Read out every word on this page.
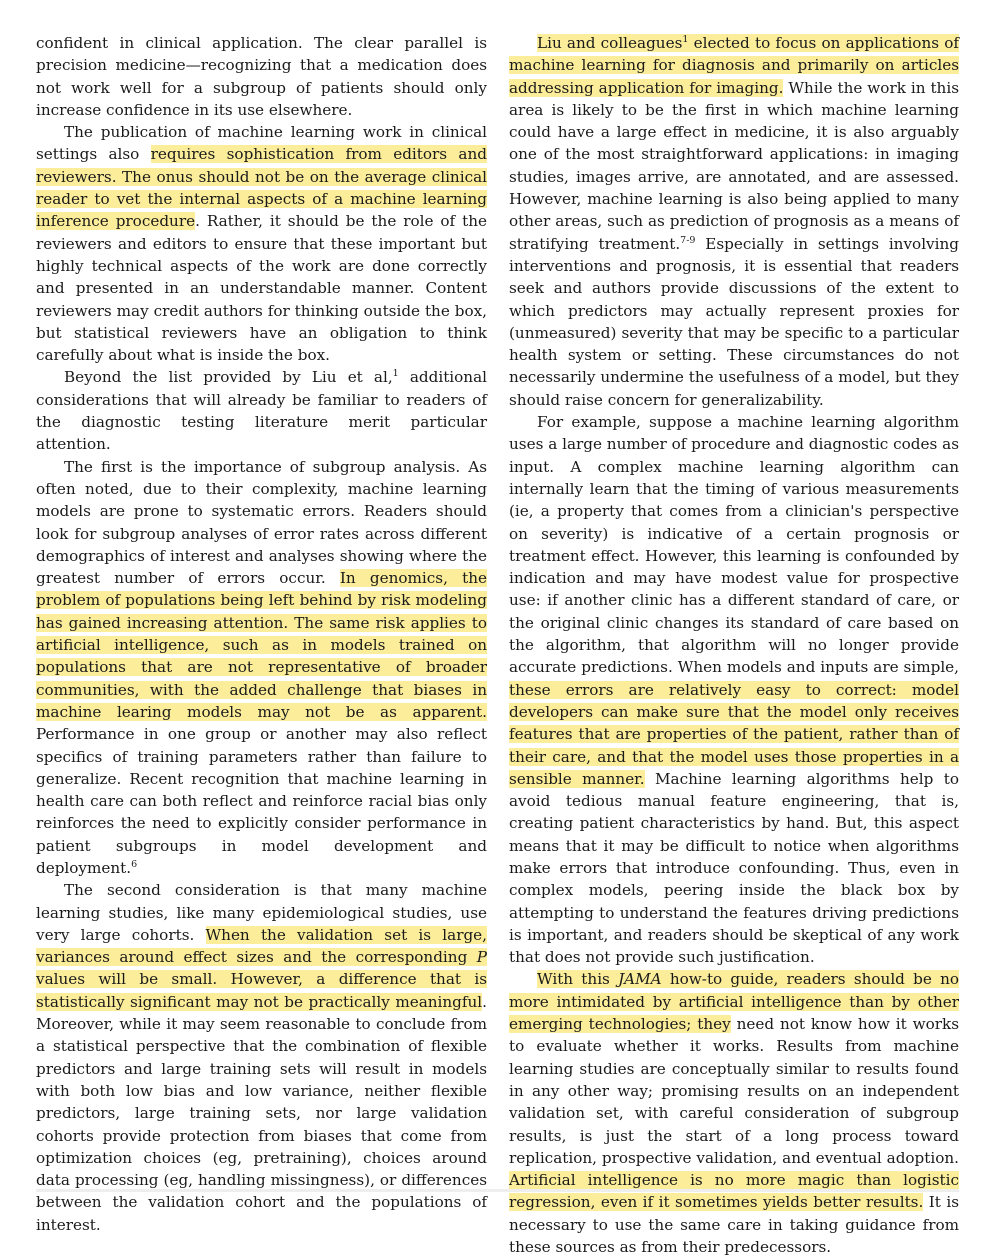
confident in clinical application. The clear parallel is precision medicine—recognizing that a medication does not work well for a subgroup of patients should only increase confidence in its use elsewhere.

The publication of machine learning work in clinical settings also requires sophistication from editors and reviewers. The onus should not be on the average clinical reader to vet the internal aspects of a machine learning inference procedure. Rather, it should be the role of the reviewers and editors to ensure that these important but highly technical aspects of the work are done correctly and presented in an understandable manner. Content reviewers may credit authors for thinking outside the box, but statistical reviewers have an obligation to think carefully about what is inside the box.

Beyond the list provided by Liu et al,$^1$ additional considerations that will already be familiar to readers of the diagnostic testing literature merit particular attention.

The first is the importance of subgroup analysis. As often noted, due to their complexity, machine learning models are prone to systematic errors. Readers should look for subgroup analyses of error rates across different demographics of interest and analyses showing where the greatest number of errors occur. In genomics, the problem of populations being left behind by risk modeling has gained increasing attention. The same risk applies to artificial intelligence, such as in models trained on populations that are not representative of broader communities, with the added challenge that biases in machine learing models may not be as apparent. Performance in one group or another may also reflect specifics of training parameters rather than failure to generalize. Recent recognition that machine learning in health care can both reflect and reinforce racial bias only reinforces the need to explicitly consider performance in patient subgroups in model development and deployment.$^6$

The second consideration is that many machine learning studies, like many epidemiological studies, use very large cohorts. When the validation set is large, variances around effect sizes and the corresponding P values will be small. However, a difference that is statistically significant may not be practically meaningful. Moreover, while it may seem reasonable to conclude from a statistical perspective that the combination of flexible predictors and large training sets will result in models with both low bias and low variance, neither flexible predictors, large training sets, nor large validation cohorts provide protection from biases that come from optimization choices (eg, pretraining), choices around data processing (eg, handling missingness), or differences between the validation cohort and the populations of interest.

Liu and colleagues$^1$ elected to focus on applications of machine learning for diagnosis and primarily on articles addressing application for imaging. While the work in this area is likely to be the first in which machine learning could have a large effect in medicine, it is also arguably one of the most straightforward applications: in imaging studies, images arrive, are annotated, and are assessed. However, machine learning is also being applied to many other areas, such as prediction of prognosis as a means of stratifying treatment.$^{7-9}$ Especially in settings involving interventions and prognosis, it is essential that readers seek and authors provide discussions of the extent to which predictors may actually represent proxies for (unmeasured) severity that may be specific to a particular health system or setting. These circumstances do not necessarily undermine the usefulness of a model, but they should raise concern for generalizability.

For example, suppose a machine learning algorithm uses a large number of procedure and diagnostic codes as input. A complex machine learning algorithm can internally learn that the timing of various measurements (ie, a property that comes from a clinician's perspective on severity) is indicative of a certain prognosis or treatment effect. However, this learning is confounded by indication and may have modest value for prospective use: if another clinic has a different standard of care, or the original clinic changes its standard of care based on the algorithm, that algorithm will no longer provide accurate predictions. When models and inputs are simple, these errors are relatively easy to correct: model developers can make sure that the model only receives features that are properties of the patient, rather than of their care, and that the model uses those properties in a sensible manner. Machine learning algorithms help to avoid tedious manual feature engineering, that is, creating patient characteristics by hand. But, this aspect means that it may be difficult to notice when algorithms make errors that introduce confounding. Thus, even in complex models, peering inside the black box by attempting to understand the features driving predictions is important, and readers should be skeptical of any work that does not provide such justification.

With this JAMA how-to guide, readers should be no more intimidated by artificial intelligence than by other emerging technologies; they need not know how it works to evaluate whether it works. Results from machine learning studies are conceptually similar to results found in any other way; promising results on an independent validation set, with careful consideration of subgroup results, is just the start of a long process toward replication, prospective validation, and eventual adoption. Artificial intelligence is no more magic than logistic regression, even if it sometimes yields better results. It is necessary to use the same care in taking guidance from these sources as from their predecessors.
